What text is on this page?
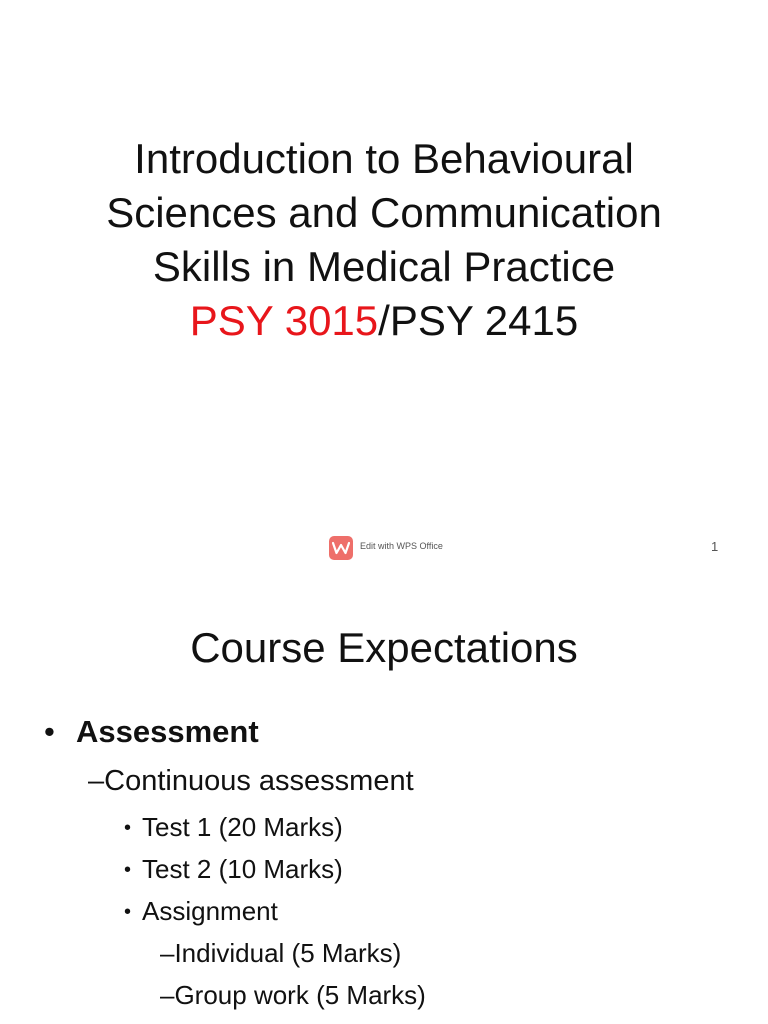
Introduction to Behavioural
Sciences and Communication
Skills in Medical Practice
PSY 3015/PSY 2415
Edit with WPS Office	1
Course Expectations
• Assessment
–Continuous assessment
• Test 1 (20 Marks)
• Test 2 (10 Marks)
• Assignment
–Individual (5 Marks)
–Group work (5 Marks)
